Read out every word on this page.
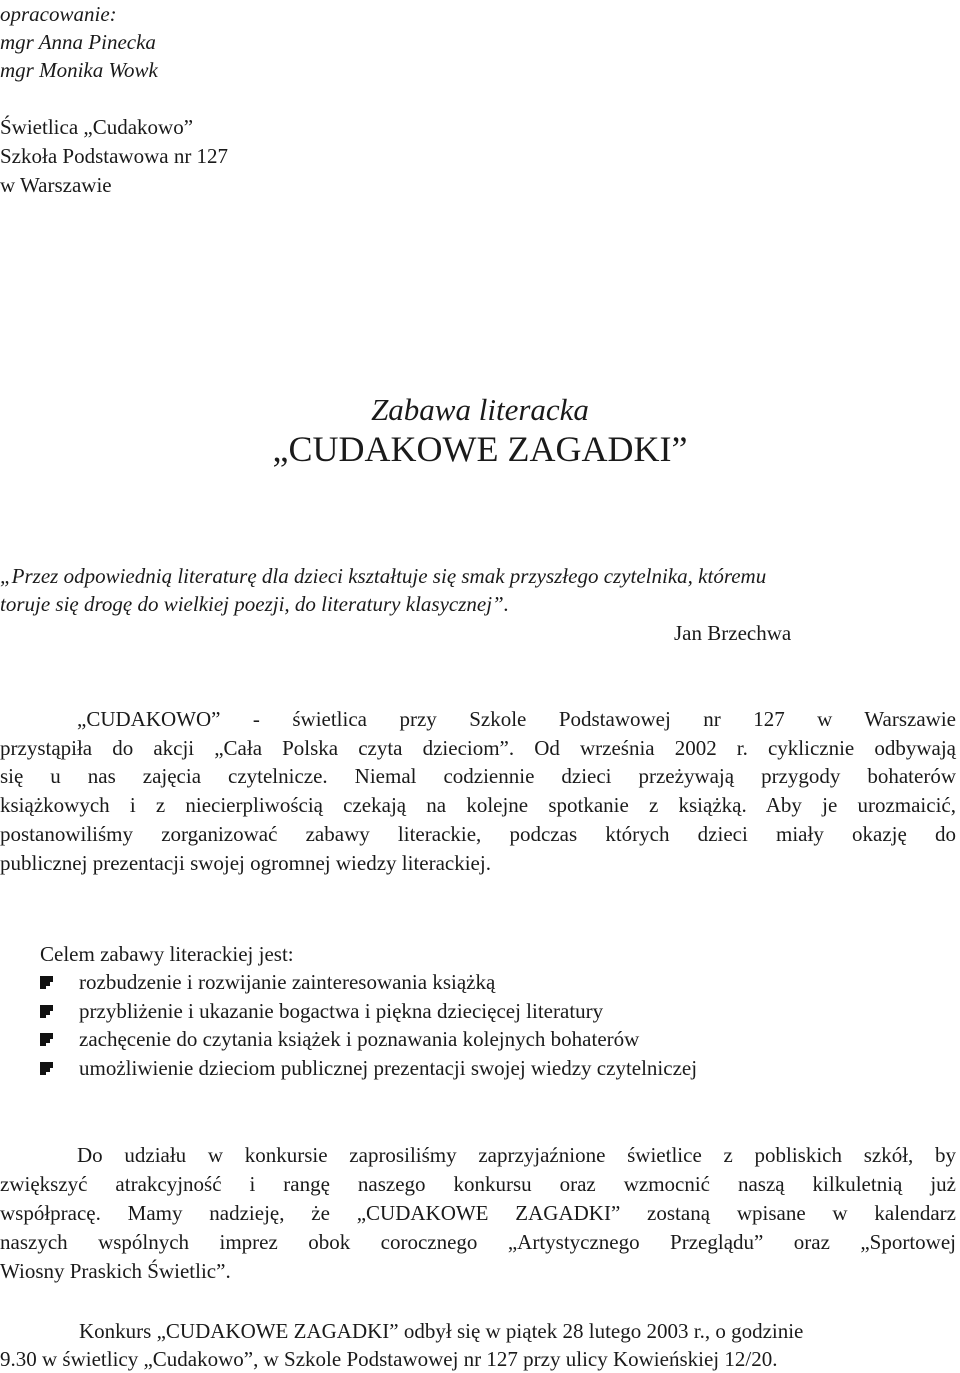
opracowanie:
mgr Anna Pinecka
mgr Monika Wowk
Świetlica „Cudakowo”
Szkoła Podstawowa nr 127
w Warszawie
Zabawa literacka
„CUDAKOWE ZAGADKI”
„Przez odpowiednią literaturę dla dzieci kształtuje się smak przyszłego czytelnika, któremu
toruje się drogę do wielkiej poezji, do literatury klasycznej”.
Jan Brzechwa
„CUDAKOWO” - świetlica przy Szkole Podstawowej nr 127 w Warszawie
przystąpiła do akcji „Cała Polska czyta dzieciom”. Od września 2002 r. cyklicznie odbywają
się u nas zajęcia czytelnicze. Niemal codziennie dzieci przeżywają przygody bohaterów
książkowych i z niecierpliwością czekają na kolejne spotkanie z książką. Aby je urozmaicić,
postanowiliśmy zorganizować zabawy literackie, podczas których dzieci miały okazję do
publicznej prezentacji swojej ogromnej wiedzy literackiej.
Celem zabawy literackiej jest:
rozbudzenie i rozwijanie zainteresowania książką
przybliżenie i ukazanie bogactwa i piękna dziecięcej literatury
zachęcenie do czytania książek i poznawania kolejnych bohaterów
umożliwienie dzieciom publicznej prezentacji swojej wiedzy czytelniczej
Do udziału w konkursie zaprosiliśmy zaprzyjaźnione świetlice z pobliskich szkół, by
zwiększyć atrakcyjność i rangę naszego konkursu oraz wzmocnić naszą kilkuletnią już
współpracę. Mamy nadzieję, że „CUDAKOWE ZAGADKI” zostaną wpisane w kalendarz
naszych wspólnych imprez obok corocznego „Artystycznego Przeglądu” oraz „Sportowej
Wiosny Praskich Świetlic”.
Konkurs „CUDAKOWE ZAGADKI” odbył się w piątek 28 lutego 2003 r., o godzinie
9.30 w świetlicy „Cudakowo”, w Szkole Podstawowej nr 127 przy ulicy Kowieńskiej 12/20.
